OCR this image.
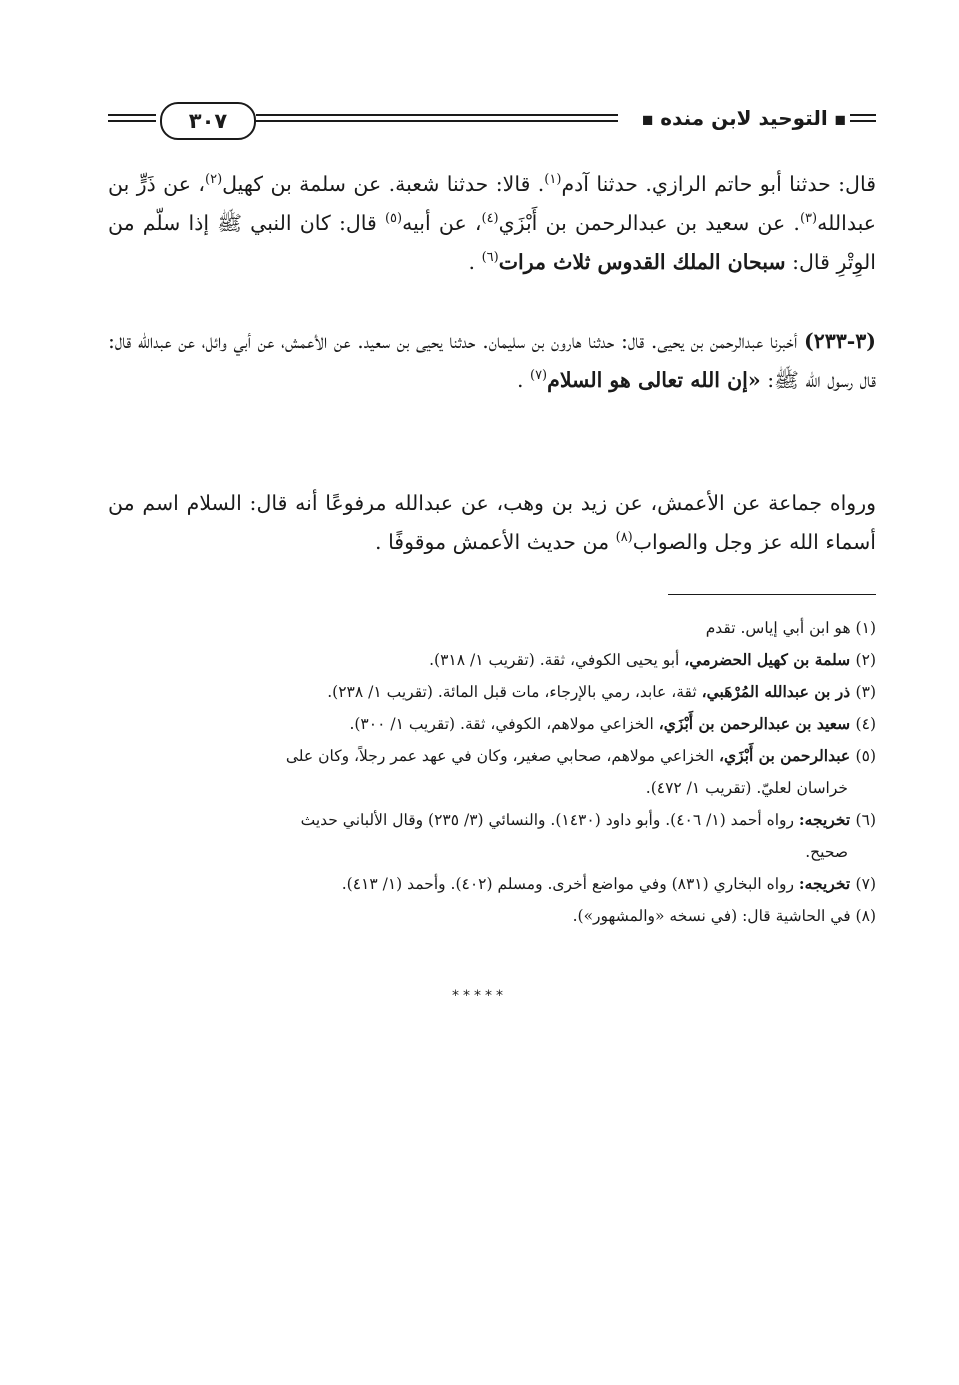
٣٠٧	■ التوحيد لابن منده ■
قال: حدثنا أبو حاتم الرازي. حدثنا آدم$^{(١)}$. قالا: حدثنا شعبة. عن سلمة بن كهيل$^{(٢)}$، عن ذَرٍّ بن عبدالله$^{(٣)}$. عن سعيد بن عبدالرحمن بن أَبْزَي$^{(٤)}$، عن أبيه$^{(٥)}$ قال: كان النبي ﷺ إذا سلّم من الوِتْرِ قال: سبحان الملك القدوس ثلاث مرات$^{(٦)}$ .
(٣-٢٣٣) أخبرنا عبدالرحمن بن يحيى. قال: حدثنا هارون بن سليمان. حدثنا يحيى بن سعيد. عن الأعمش، عن أبي وائل، عن عبدالله قال: قال رسول الله ﷺ: «إن الله تعالى هو السلام$^{(٧)}$ .
ورواه جماعة عن الأعمش، عن زيد بن وهب، عن عبدالله مرفوعًا أنه قال: السلام اسم من أسماء الله عز وجل والصواب$^{(٨)}$ من حديث الأعمش موقوفًا .

(١) هو ابن أبي إياس. تقدم

(٢) سلمة بن كهيل الحضرمي، أبو يحيى الكوفي، ثقة. (تقريب ١/ ٣١٨).

(٣) ذر بن عبدالله المُرْهَبي، ثقة، عابد، رمي بالإرجاء، مات قبل المائة. (تقريب ١/ ٢٣٨).

(٤) سعيد بن عبدالرحمن بن أَبْزَي، الخزاعي مولاهم، الكوفي، ثقة. (تقريب ١/ ٣٠٠).

(٥) عبدالرحمن بن أَبْزَي، الخزاعي مولاهم، صحابي صغير، وكان في عهد عمر رجلاً، وكان على
خراسان لعليّ. (تقريب ١/ ٤٧٢).

(٦) تخريجه: رواه أحمد (١/ ٤٠٦). وأبو داود (١٤٣٠). والنسائي (٣/ ٢٣٥) وقال الألباني حديث
صحيح.

(٧) تخريجه: رواه البخاري (٨٣١) وفي مواضع أخرى. ومسلم (٤٠٢). وأحمد (١/ ٤١٣).

(٨) في الحاشية قال: (في نسخه «والمشهور»).

*****
